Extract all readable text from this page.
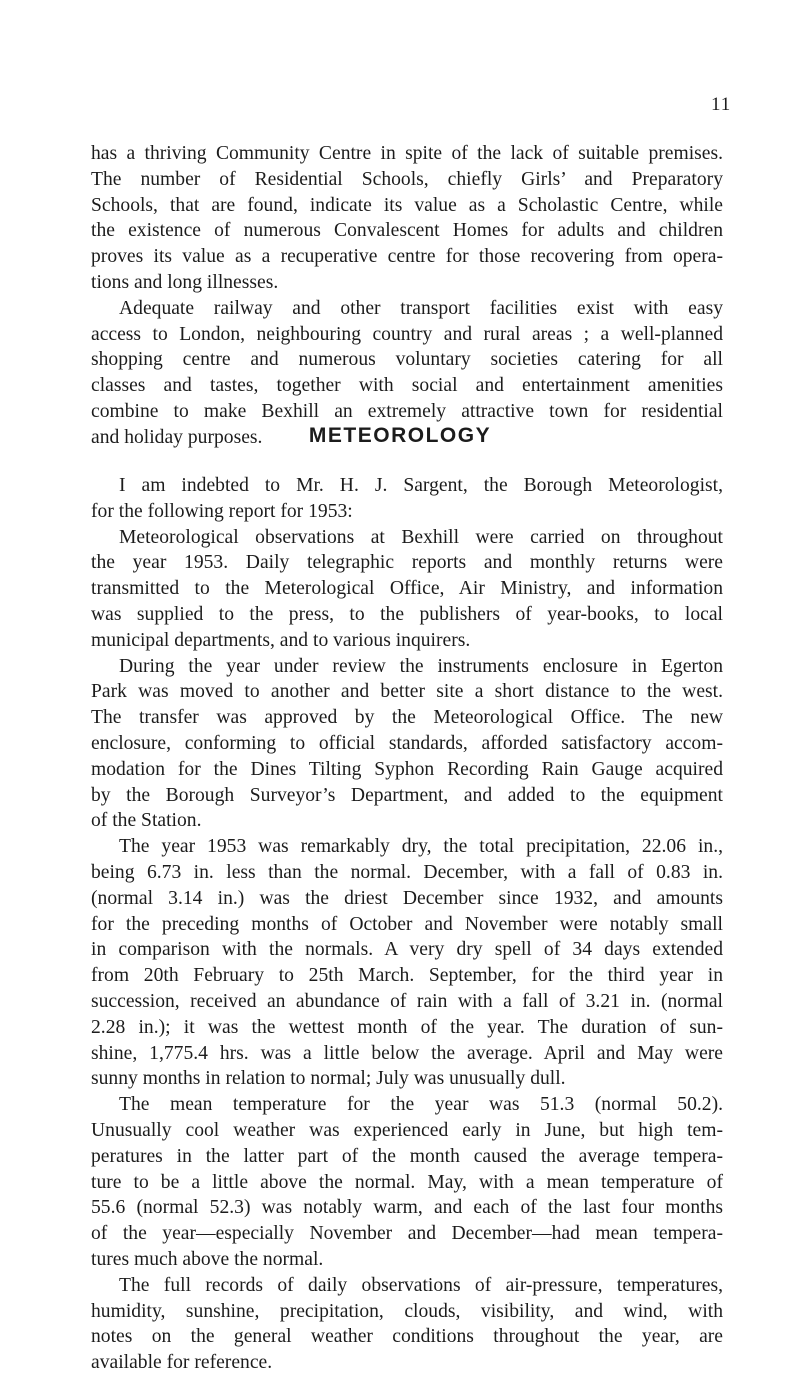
11
has a thriving Community Centre in spite of the lack of suitable premises.
The number of Residential Schools, chiefly Girls’ and Preparatory
Schools, that are found, indicate its value as a Scholastic Centre, while
the existence of numerous Convalescent Homes for adults and children
proves its value as a recuperative centre for those recovering from opera-
tions and long illnesses.
Adequate railway and other transport facilities exist with easy
access to London, neighbouring country and rural areas ; a well-planned
shopping centre and numerous voluntary societies catering for all
classes and tastes, together with social and entertainment amenities
combine to make Bexhill an extremely attractive town for residential
and holiday purposes.	METEOROLOGY
I am indebted to Mr. H. J. Sargent, the Borough Meteorologist,
for the following report for 1953:
Meteorological observations at Bexhill were carried on throughout
the year 1953. Daily telegraphic reports and monthly returns were
transmitted to the Meterological Office, Air Ministry, and information
was supplied to the press, to the publishers of year-books, to local
municipal departments, and to various inquirers.
During the year under review the instruments enclosure in Egerton
Park was moved to another and better site a short distance to the west.
The transfer was approved by the Meteorological Office. The new
enclosure, conforming to official standards, afforded satisfactory accom-
modation for the Dines Tilting Syphon Recording Rain Gauge acquired
by the Borough Surveyor’s Department, and added to the equipment
of the Station.
The year 1953 was remarkably dry, the total precipitation, 22.06 in.,
being 6.73 in. less than the normal. December, with a fall of 0.83 in.
(normal 3.14 in.) was the driest December since 1932, and amounts
for the preceding months of October and November were notably small
in comparison with the normals. A very dry spell of 34 days extended
from 20th February to 25th March. September, for the third year in
succession, received an abundance of rain with a fall of 3.21 in. (normal
2.28 in.); it was the wettest month of the year. The duration of sun-
shine, 1,775.4 hrs. was a little below the average. April and May were
sunny months in relation to normal; July was unusually dull.
The mean temperature for the year was 51.3 (normal 50.2).
Unusually cool weather was experienced early in June, but high tem-
peratures in the latter part of the month caused the average tempera-
ture to be a little above the normal. May, with a mean temperature of
55.6 (normal 52.3) was notably warm, and each of the last four months
of the year—especially November and December—had mean tempera-
tures much above the normal.
The full records of daily observations of air-pressure, temperatures,
humidity, sunshine, precipitation, clouds, visibility, and wind, with
notes on the general weather conditions throughout the year, are
available for reference.
